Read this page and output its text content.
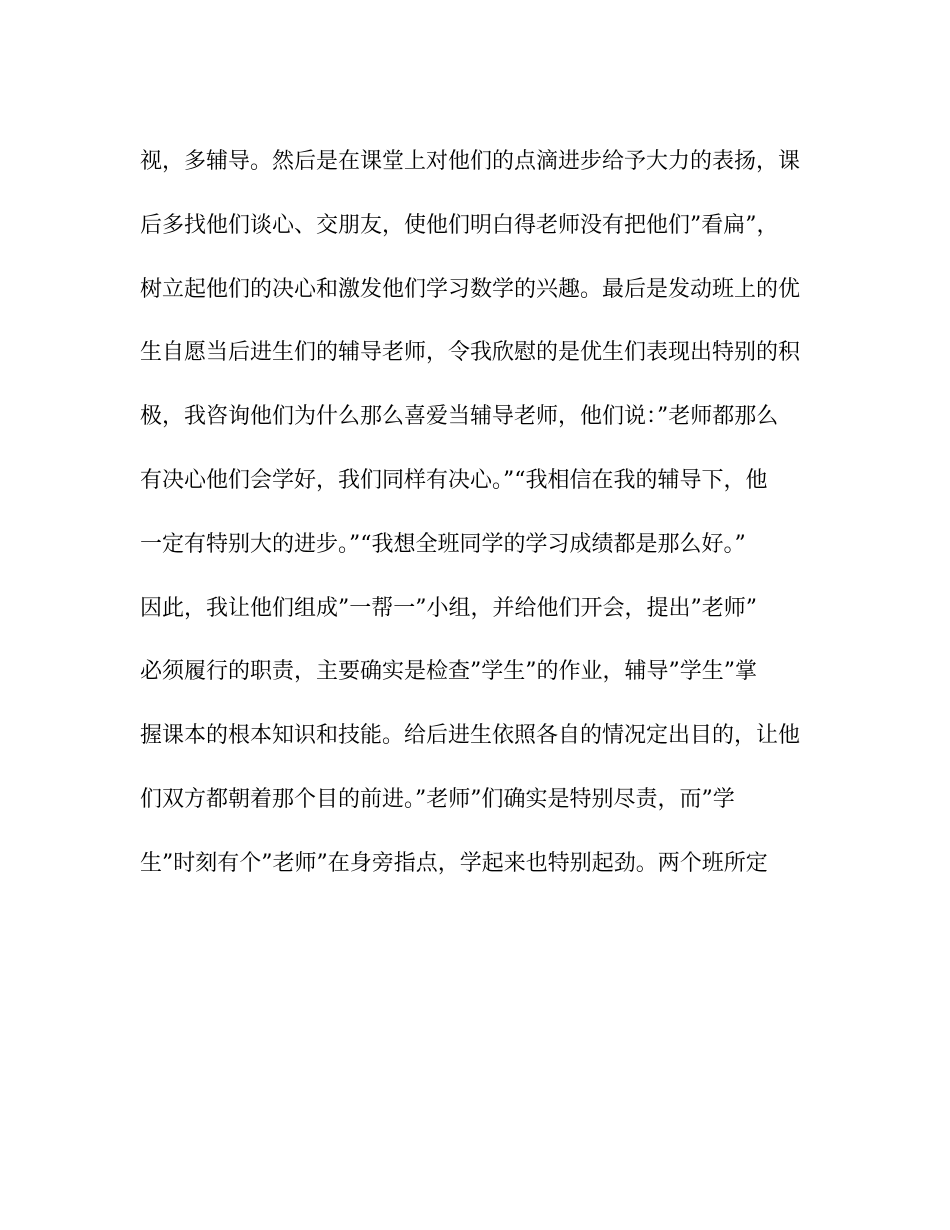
视，多辅导。然后是在课堂上对他们的点滴进步给予大力的表扬，课
后多找他们谈心、交朋友，使他们明白得老师没有把他们”看扁”，
树立起他们的决心和激发他们学习数学的兴趣。最后是发动班上的优
生自愿当后进生们的辅导老师，令我欣慰的是优生们表现出特别的积
极，我咨询他们为什么那么喜爱当辅导老师，他们说：”老师都那么
有决心他们会学好，我们同样有决心。”“我相信在我的辅导下，他
一定有特别大的进步。”“我想全班同学的学习成绩都是那么好。”
因此，我让他们组成”一帮一”小组，并给他们开会，提出”老师”
必须履行的职责，主要确实是检查”学生”的作业，辅导”学生”掌
握课本的根本知识和技能。给后进生依照各自的情况定出目的，让他
们双方都朝着那个目的前进。”老师”们确实是特别尽责，而”学
生”时刻有个”老师”在身旁指点，学起来也特别起劲。两个班所定
